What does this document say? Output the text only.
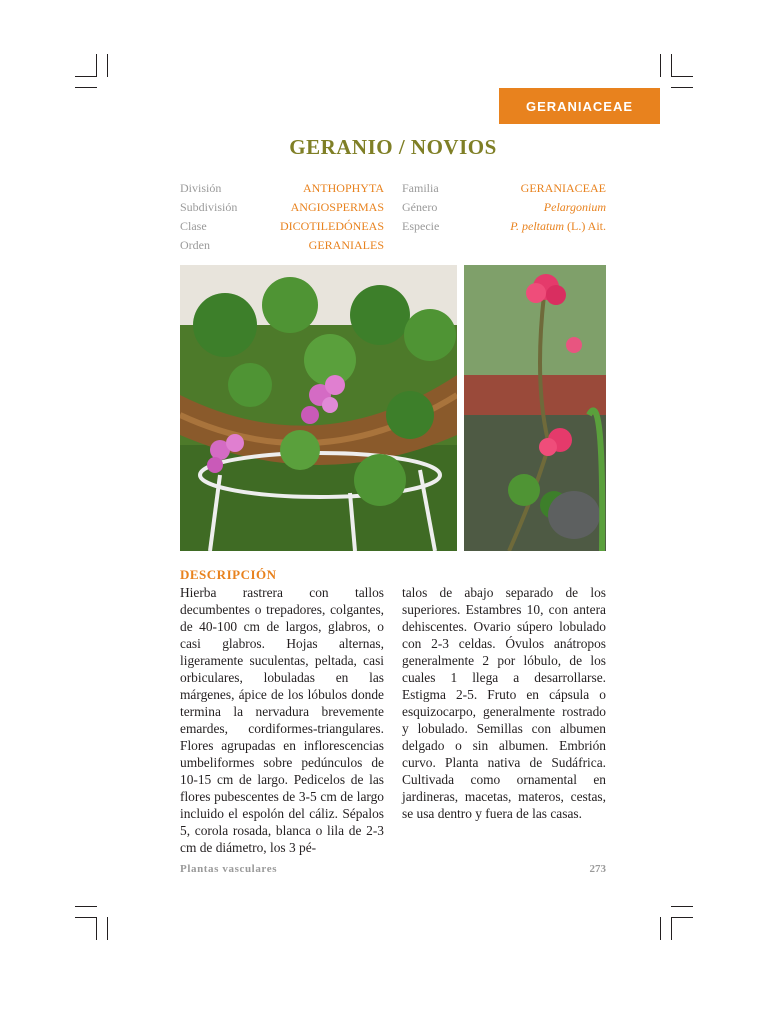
GERANIACEAE
GERANIO / NOVIOS
División	ANTHOPHYTA
Subdivisión	ANGIOSPERMAS
Clase	DICOTILEDÓNEAS
Orden	GERANIALES
Familia	GERANIACEAE
Género	Pelargonium
Especie	P. peltatum (L.) Ait.
DESCRIPCIÓN
Hierba rastrera con tallos decumbentes o trepadores, colgantes, de 40-100 cm de largos, glabros, o casi glabros. Hojas alternas, ligeramente suculentas, peltada, casi orbiculares, lobuladas en las márgenes, ápice de los lóbulos donde termina la nervadura brevemente emardes, cordiformes-triangulares. Flores agrupadas en inflorescencias umbeliformes sobre pedúnculos de 10-15 cm de largo. Pedicelos de las flores pubescentes de 3-5 cm de largo incluido el espolón del cáliz. Sépalos 5, corola rosada, blanca o lila de 2-3 cm de diámetro, los 3 pé-
talos de abajo separado de los superiores. Estambres 10, con antera dehiscentes. Ovario súpero lobulado con 2-3 celdas. Óvulos anátropos generalmente 2 por lóbulo, de los cuales 1 llega a desarrollarse. Estigma 2-5. Fruto en cápsula o esquizocarpo, generalmente rostrado y lobulado. Semillas con albumen delgado o sin albumen. Embrión curvo. Planta nativa de Sudáfrica. Cultivada como ornamental en jardineras, macetas, materos, cestas, se usa dentro y fuera de las casas.
Plantas vasculares	273
